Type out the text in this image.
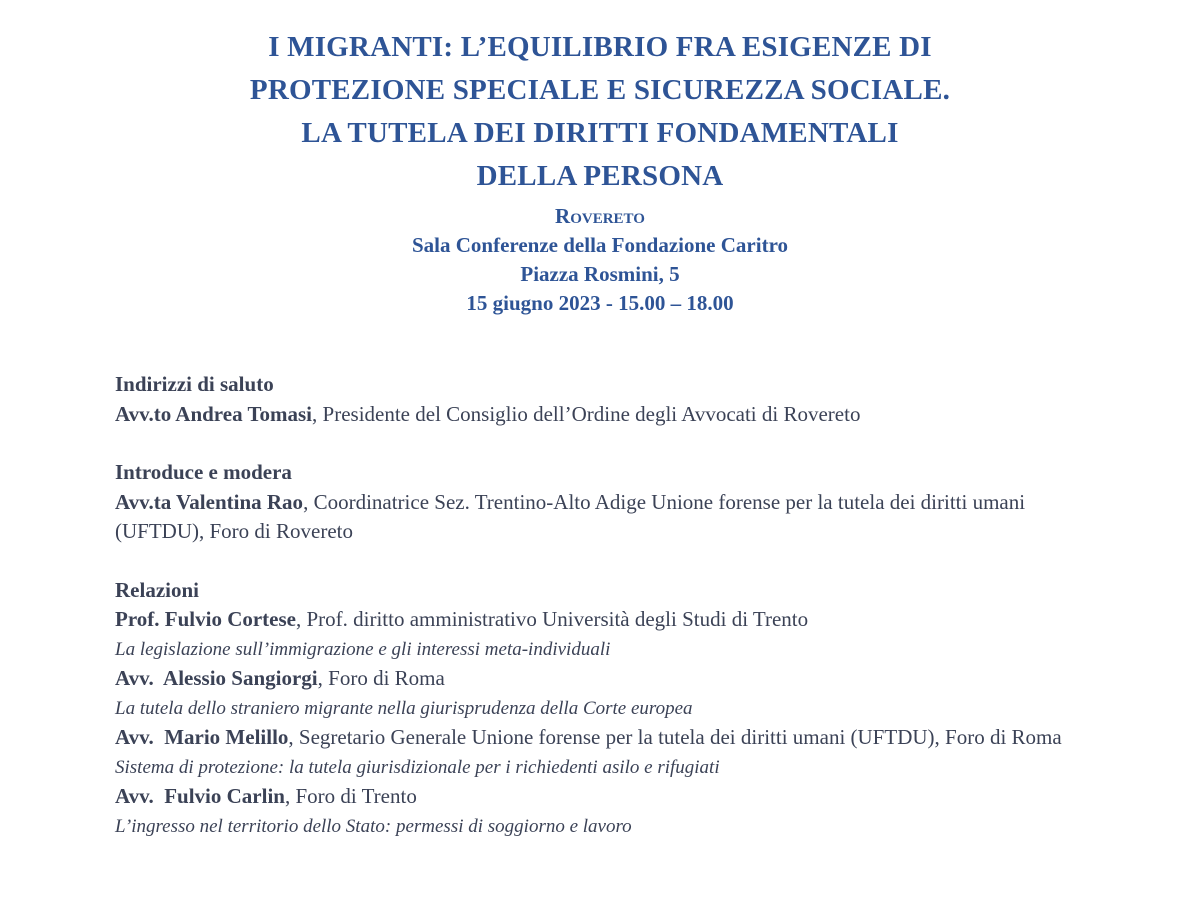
I MIGRANTI: L’EQUILIBRIO FRA ESIGENZE DI
PROTEZIONE SPECIALE E SICUREZZA SOCIALE.
LA TUTELA DEI DIRITTI FONDAMENTALI
DELLA PERSONA
Rovereto
Sala Conferenze della Fondazione Caritro
Piazza Rosmini, 5
15 giugno 2023 - 15.00 – 18.00

Indirizzi di saluto

Avv.to Andrea Tomasi, Presidente del Consiglio dell’Ordine degli Avvocati di Rovereto

Introduce e modera

Avv.ta Valentina Rao, Coordinatrice Sez. Trentino-Alto Adige Unione forense per la tutela dei diritti umani (UFTDU), Foro di Rovereto

Relazioni

Prof. Fulvio Cortese, Prof. diritto amministrativo Università degli Studi di Trento

La legislazione sull’immigrazione e gli interessi meta-individuali

Avv.  Alessio Sangiorgi, Foro di Roma

La tutela dello straniero migrante nella giurisprudenza della Corte europea

Avv.  Mario Melillo, Segretario Generale Unione forense per la tutela dei diritti umani (UFTDU), Foro di Roma

Sistema di protezione: la tutela giurisdizionale per i richiedenti asilo e rifugiati

Avv.  Fulvio Carlin, Foro di Trento

L’ingresso nel territorio dello Stato: permessi di soggiorno e lavoro
